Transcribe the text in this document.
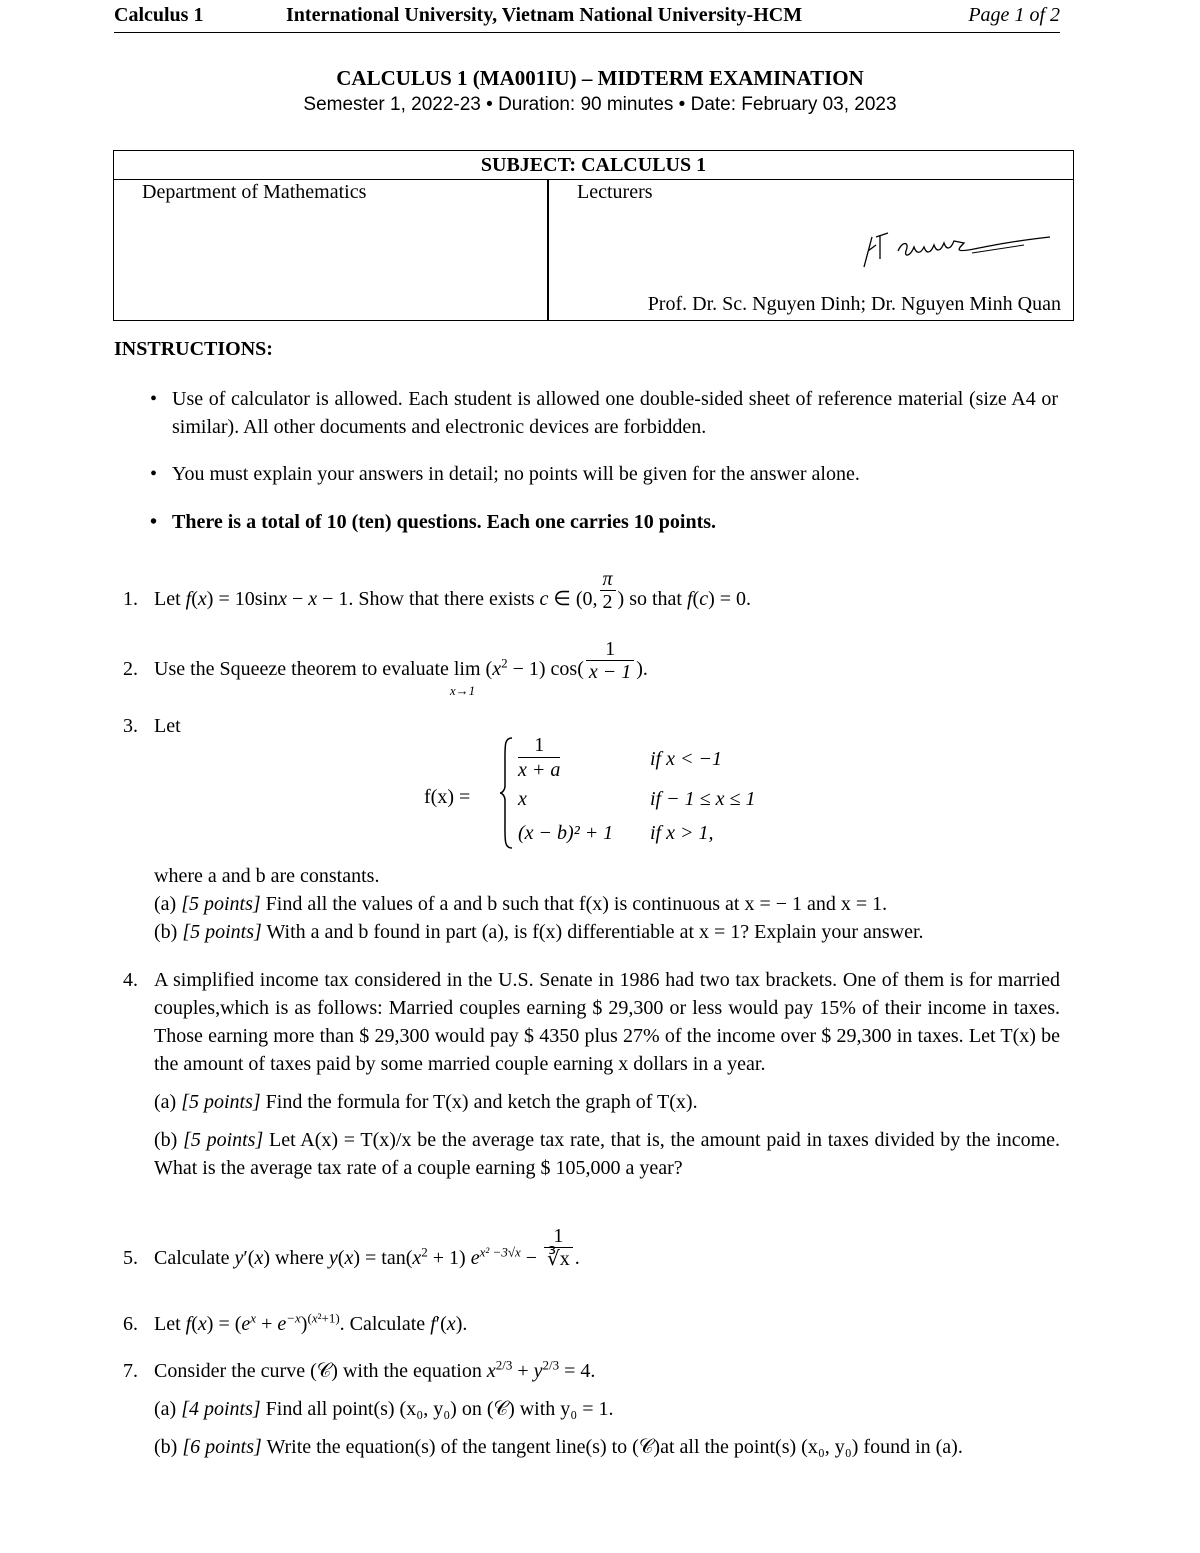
Calculus 1	International University, Vietnam National University-HCM	Page 1 of 2
CALCULUS 1 (MA001IU) – MIDTERM EXAMINATION
Semester 1, 2022-23 • Duration: 90 minutes • Date: February 03, 2023
SUBJECT: CALCULUS 1
Department of Mathematics	Lecturers
Prof. Dr. Sc. Nguyen Dinh; Dr. Nguyen Minh Quan
INSTRUCTIONS:
• Use of calculator is allowed. Each student is allowed one double-sided sheet of reference material (size A4 or similar). All other documents and electronic devices are forbidden.
• You must explain your answers in detail; no points will be given for the answer alone.
• There is a total of 10 (ten) questions. Each one carries 10 points.
1. Let f(x) = 10sinx − x − 1. Show that there exists c ∈ (0, $\frac{\pi}{2}$ ) so that f(c) = 0.
2. Use the Squeeze theorem to evaluate lim
x→1
$(x^2 - 1)$ $\cos( \frac{1}{x - 1}$ ).
3. Let
f(x) =
1
x + a	if x < −1
x	if − 1 ≤ x ≤ 1
(x − b)² + 1 if x > 1,
where a and b are constants.
(a) [5 points] Find all the values of a and b such that f(x) is continuous at x = − 1 and x = 1.
(b) [5 points] With a and b found in part (a), is f(x) differentiable at x = 1? Explain your answer.
4. A simplified income tax considered in the U.S. Senate in 1986 had two tax brackets. One of them is for married couples,which is as follows: Married couples earning $ 29,300 or less would pay 15% of their income in taxes. Those earning more than $ 29,300 would pay $ 4350 plus 27% of the income over $ 29,300 in taxes. Let T(x) be the amount of taxes paid by some married couple earning x dollars in a year.
(a) [5 points] Find the formula for T(x) and ketch the graph of T(x).
(b) [5 points] Let A(x) = T(x)/x be the average tax rate, that is, the amount paid in taxes divided by the income. What is the average tax rate of a couple earning $ 105,000 a year?
5. Calculate y′(x) where $y(x) = \tan(x^2 + 1) e^{x^2 -3√x} - \frac{1}{∛x}$ .
6. Let $f(x) = (e^x + e^{-x})^{(x^2+1)}$. Calculate f′(x).
7. Consider the curve (𝒞) with the equation $x^{2/3} + y^{2/3} = 4$.
(a) [4 points] Find all point(s) (x₀, y₀) on (𝒞) with y₀ = 1.
(b) [6 points] Write the equation(s) of the tangent line(s) to (𝒞)at all the point(s) (x₀, y₀) found in (a).
